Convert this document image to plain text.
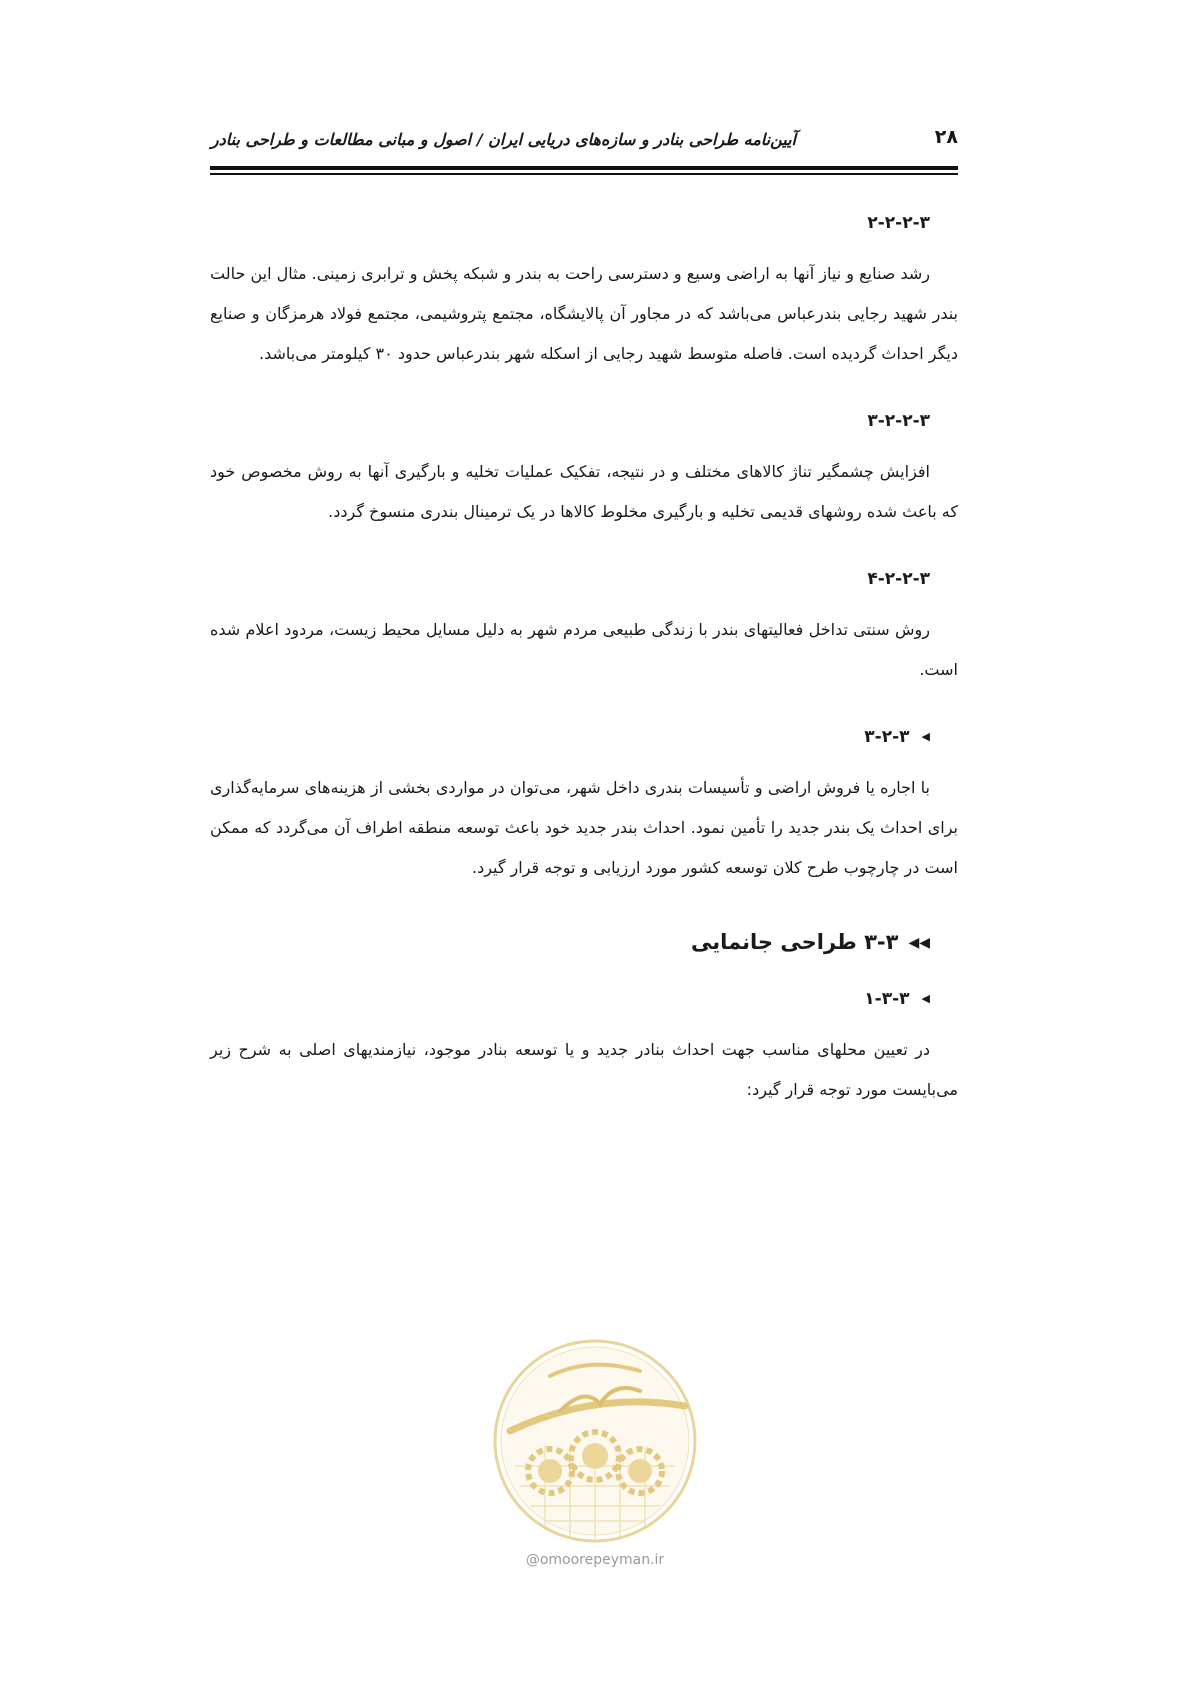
آیین‌نامه طراحی بنادر و سازه‌های دریایی ایران / اصول و مبانی مطالعات و طراحی بنادر	۲۸
۲-۲-۲-۳

رشد صنایع و نیاز آنها به اراضی وسیع و دسترسی راحت به بندر و شبکه پخش و ترابری زمینی. مثال این حالت بندر شهید رجایی بندرعباس می‌باشد که در مجاور آن پالایشگاه، مجتمع پتروشیمی، مجتمع فولاد هرمزگان و صنایع دیگر احداث گردیده است. فاصله متوسط شهید رجایی از اسکله شهر بندرعباس حدود ۳۰ کیلومتر می‌باشد.

۳-۲-۲-۳

افزایش چشمگیر تناژ کالاهای مختلف و در نتیجه، تفکیک عملیات تخلیه و بارگیری آنها به روش مخصوص خود که باعث شده روشهای قدیمی تخلیه و بارگیری مخلوط کالاها در یک ترمینال بندری منسوخ گردد.

۴-۲-۲-۳

روش سنتی تداخل فعالیتهای بندر با زندگی طبیعی مردم شهر به دلیل مسایل محیط زیست، مردود اعلام شده است.

◀۳-۲-۳

با اجاره یا فروش اراضی و تأسیسات بندری داخل شهر، می‌توان در مواردی بخشی از هزینه‌های سرمایه‌گذاری برای احداث یک بندر جدید را تأمین نمود. احداث بندر جدید خود باعث توسعه منطقه اطراف آن می‌گردد که ممکن است در چارچوب طرح کلان توسعه کشور مورد ارزیابی و توجه قرار گیرد.

◀◀۳-۳ طراحی جانمایی
◀۱-۳-۳

در تعیین محلهای مناسب جهت احداث بنادر جدید و یا توسعه بنادر موجود، نیازمندیهای اصلی به شرح زیر می‌بایست مورد توجه قرار گیرد:

@omoorepeyman.ir
